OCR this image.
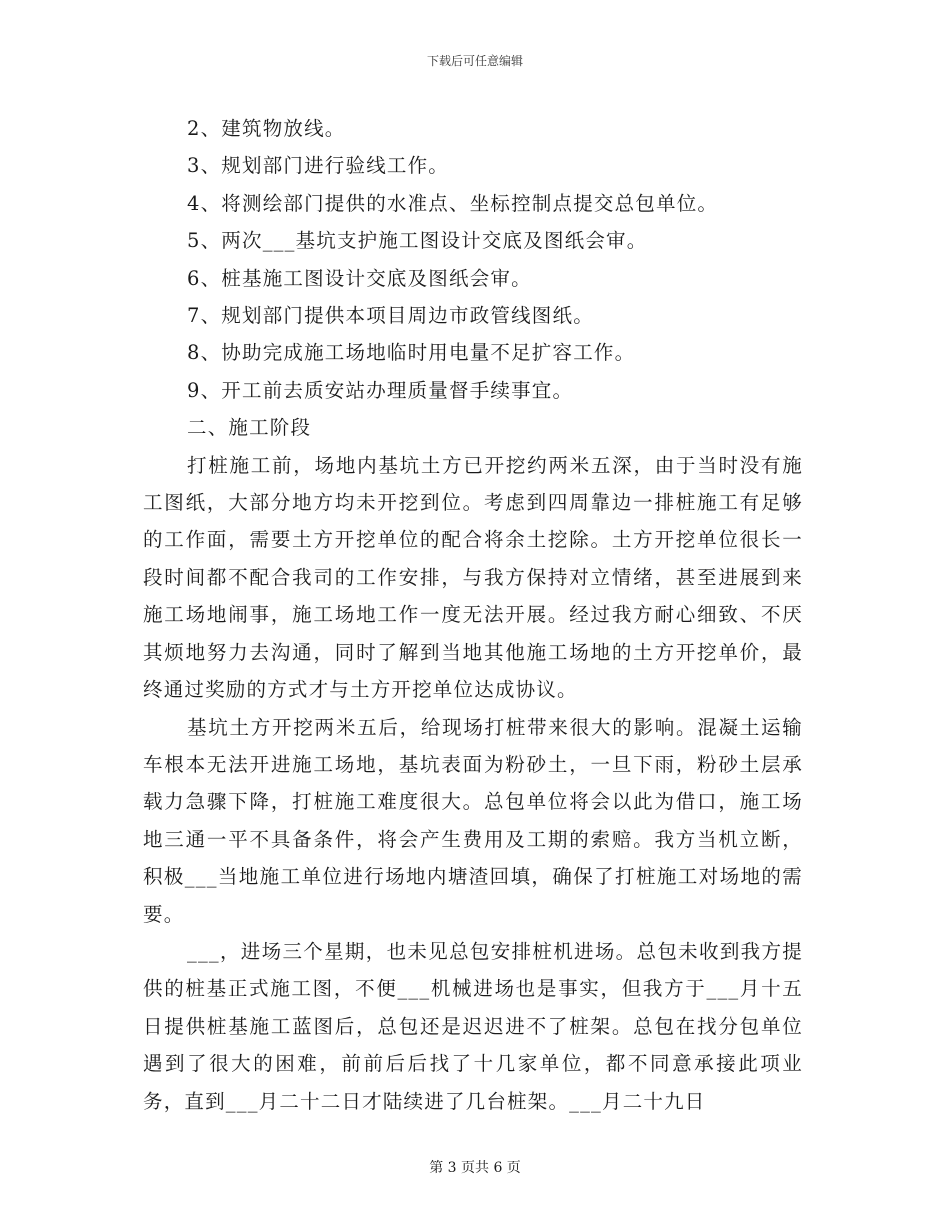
下载后可任意编辑
2、建筑物放线。
3、规划部门进行验线工作。
4、将测绘部门提供的水准点、坐标控制点提交总包单位。
5、两次___基坑支护施工图设计交底及图纸会审。
6、桩基施工图设计交底及图纸会审。
7、规划部门提供本项目周边市政管线图纸。
8、协助完成施工场地临时用电量不足扩容工作。
9、开工前去质安站办理质量督手续事宜。
二、施工阶段

打桩施工前，场地内基坑土方已开挖约两米五深，由于当时没有施工图纸，大部分地方均未开挖到位。考虑到四周靠边一排桩施工有足够的工作面，需要土方开挖单位的配合将余土挖除。土方开挖单位很长一段时间都不配合我司的工作安排，与我方保持对立情绪，甚至进展到来施工场地闹事，施工场地工作一度无法开展。经过我方耐心细致、不厌其烦地努力去沟通，同时了解到当地其他施工场地的土方开挖单价，最终通过奖励的方式才与土方开挖单位达成协议。

基坑土方开挖两米五后，给现场打桩带来很大的影响。混凝土运输车根本无法开进施工场地，基坑表面为粉砂土，一旦下雨，粉砂土层承载力急骤下降，打桩施工难度很大。总包单位将会以此为借口，施工场地三通一平不具备条件，将会产生费用及工期的索赔。我方当机立断，积极___当地施工单位进行场地内塘渣回填，确保了打桩施工对场地的需要。

___，进场三个星期，也未见总包安排桩机进场。总包未收到我方提供的桩基正式施工图，不便___机械进场也是事实，但我方于___月十五日提供桩基施工蓝图后，总包还是迟迟进不了桩架。总包在找分包单位遇到了很大的困难，前前后后找了十几家单位，都不同意承接此项业务，直到___月二十二日才陆续进了几台桩架。___月二十九日

第 3 页共 6 页
